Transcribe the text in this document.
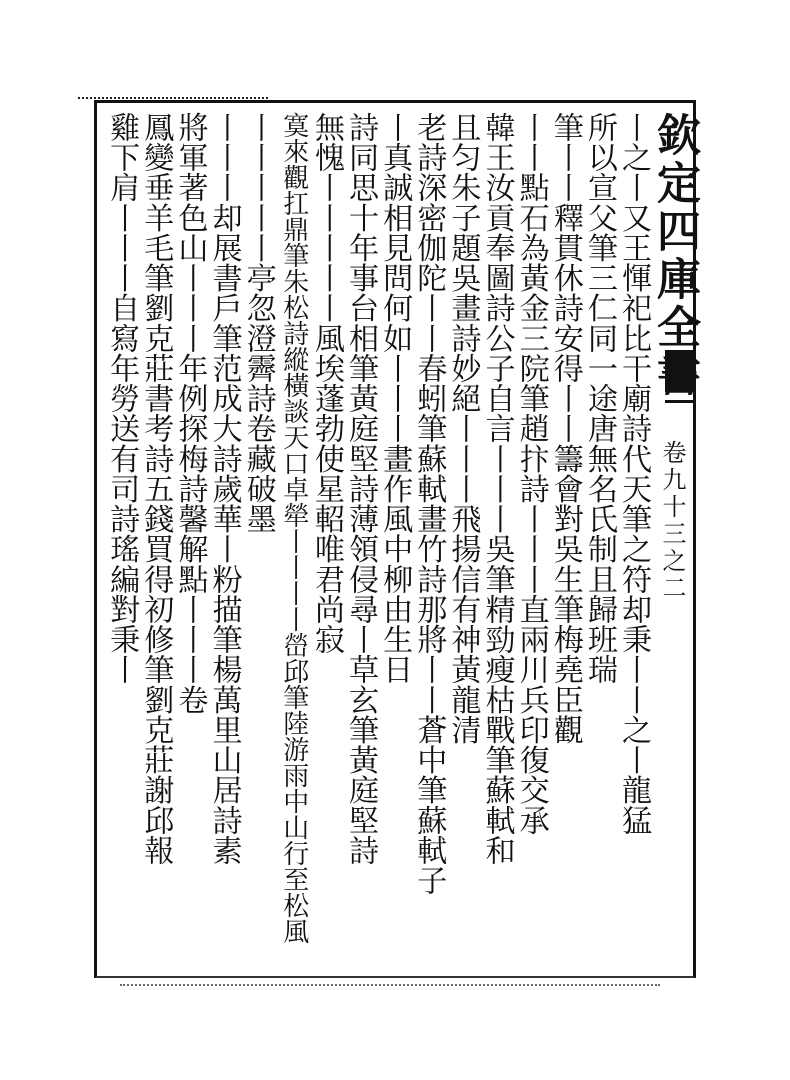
欽定四庫全書
卷九十三之二
丨之丨又王惲祀比干廟詩代天筆之符却秉丨丨之丨龍猛
所以宣父筆三仁同一途唐無名氏制且歸班瑞
筆丨丨釋貫休詩安得丨丨籌會對吳生筆梅堯臣觀
丨丨點石為黃金三院筆趙抃詩丨丨丨直兩川兵印復交承
韓王汝貢奉圖詩公子自言丨丨丨吳筆精勁瘦枯戰筆蘇軾和
且匀朱子題吳畫詩妙絕丨丨丨飛揚信有神黃龍清
老詩深密伽陀丨丨春蚓筆蘇軾畫竹詩那將丨丨蒼中筆蘇軾子
丨真誠相見問何如丨丨丨畫作風中柳由生日
詩同思十年事台相筆黃庭堅詩薄領侵尋丨草玄筆黃庭堅詩
無愧丨丨丨丨丨風埃蓬勃使星軺唯君尚寂
寞來觀扛鼎筆朱松詩縱橫談天口卓犖丨丨丨丨嵤邱筆陸游雨中山行至松風
丨丨丨丨丨亭忽澄霽詩卷藏破墨
丨丨丨却展書戶筆范成大詩歲華丨粉描筆楊萬里山居詩素
將軍著色山丨丨丨年例探梅詩馨解點丨丨丨卷
鳳變垂羊毛筆劉克莊書考詩五錢買得初修筆劉克莊謝邱報
雞下肩丨丨丨自寫年勞送有司詩瑤編對秉丨
